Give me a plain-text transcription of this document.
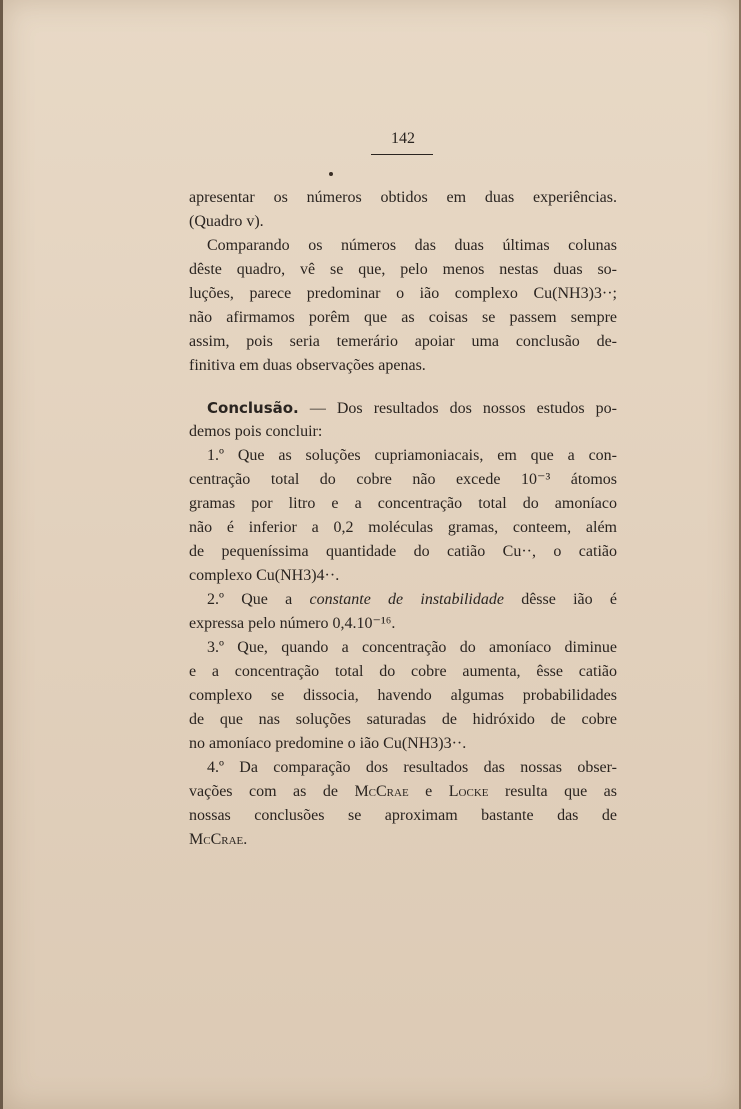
142
apresentar os números obtidos em duas experiências.
(Quadro v).
Comparando os números das duas últimas colunas
dêste quadro, vê se que, pelo menos nestas duas so-
luções, parece predominar o ião complexo Cu(NH3)3··;
não afirmamos porêm que as coisas se passem sempre
assim, pois seria temerário apoiar uma conclusão de-
finitiva em duas observações apenas.
Conclusão. — Dos resultados dos nossos estudos po-
demos pois concluir:
1.º Que as soluções cupriamoniacais, em que a con-
centração total do cobre não excede 10⁻³ átomos
gramas por litro e a concentração total do amoníaco
não é inferior a 0,2 moléculas gramas, conteem, além
de pequeníssima quantidade do catião Cu··, o catião
complexo Cu(NH3)4··.
2.º Que a constante de instabilidade dêsse ião é
expressa pelo número 0,4.10⁻¹⁶.
3.º Que, quando a concentração do amoníaco diminue
e a concentração total do cobre aumenta, êsse catião
complexo se dissocia, havendo algumas probabilidades
de que nas soluções saturadas de hidróxido de cobre
no amoníaco predomine o ião Cu(NH3)3··.
4.º Da comparação dos resultados das nossas obser-
vações com as de McCrae e Locke resulta que as
nossas conclusões se aproximam bastante das de
McCrae.
